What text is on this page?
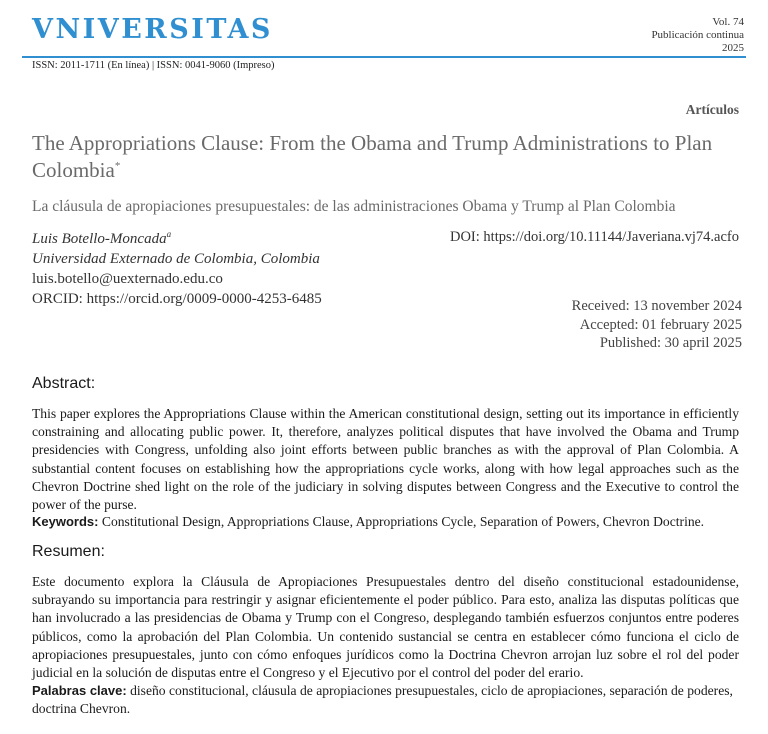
VNIVERSITAS	Vol. 74
Publicación continua
2025
ISSN: 2011-1711 (En línea) | ISSN: 0041-9060 (Impreso)
Artículos
The Appropriations Clause: From the Obama and Trump Administrations to Plan Colombia*
La cláusula de apropiaciones presupuestales: de las administraciones Obama y Trump al Plan Colombia
Luis Botello-Moncada$^a$
Universidad Externado de Colombia, Colombia
luis.botello@uexternado.edu.co
ORCID: https://orcid.org/0009-0000-4253-6485
DOI: https://doi.org/10.11144/Javeriana.vj74.acfo
Received: 13 november 2024
Accepted: 01 february 2025
Published: 30 april 2025
Abstract:
This paper explores the Appropriations Clause within the American constitutional design, setting out its importance in efficiently constraining and allocating public power. It, therefore, analyzes political disputes that have involved the Obama and Trump presidencies with Congress, unfolding also joint efforts between public branches as with the approval of Plan Colombia. A substantial content focuses on establishing how the appropriations cycle works, along with how legal approaches such as the Chevron Doctrine shed light on the role of the judiciary in solving disputes between Congress and the Executive to control the power of the purse.
Keywords: Constitutional Design, Appropriations Clause, Appropriations Cycle, Separation of Powers, Chevron Doctrine.
Resumen:
Este documento explora la Cláusula de Apropiaciones Presupuestales dentro del diseño constitucional estadounidense, subrayando su importancia para restringir y asignar eficientemente el poder público. Para esto, analiza las disputas políticas que han involucrado a las presidencias de Obama y Trump con el Congreso, desplegando también esfuerzos conjuntos entre poderes públicos, como la aprobación del Plan Colombia. Un contenido sustancial se centra en establecer cómo funciona el ciclo de apropiaciones presupuestales, junto con cómo enfoques jurídicos como la Doctrina Chevron arrojan luz sobre el rol del poder judicial en la solución de disputas entre el Congreso y el Ejecutivo por el control del poder del erario.
Palabras clave: diseño constitucional, cláusula de apropiaciones presupuestales, ciclo de apropiaciones, separación de poderes, doctrina Chevron.
